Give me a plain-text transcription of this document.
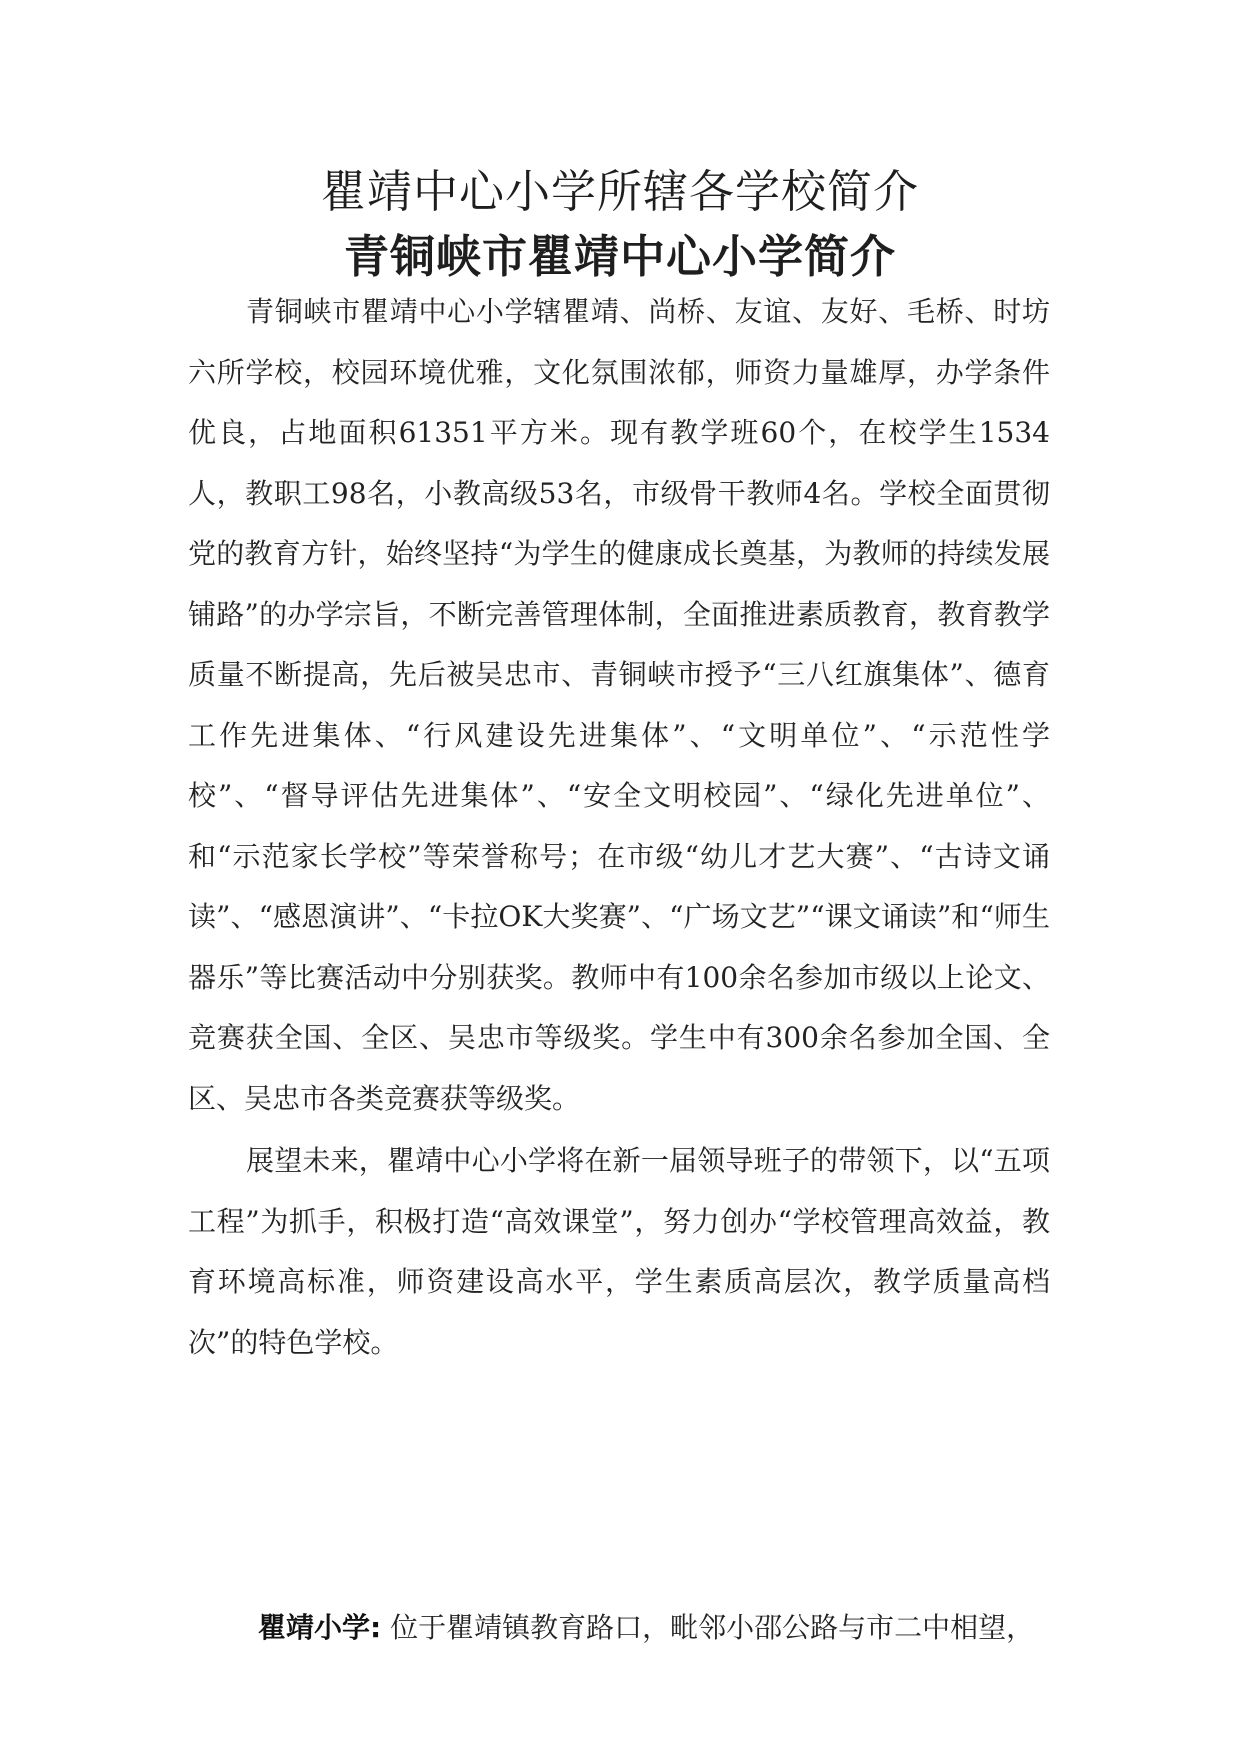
瞿靖中心小学所辖各学校简介
青铜峡市瞿靖中心小学简介

青铜峡市瞿靖中心小学辖瞿靖、尚桥、友谊、友好、毛桥、时坊六所学校，校园环境优雅，文化氛围浓郁，师资力量雄厚，办学条件优良，占地面积61351平方米。现有教学班60个，在校学生1534人，教职工98名，小教高级53名，市级骨干教师4名。学校全面贯彻党的教育方针，始终坚持“为学生的健康成长奠基，为教师的持续发展铺路”的办学宗旨，不断完善管理体制，全面推进素质教育，教育教学质量不断提高，先后被吴忠市、青铜峡市授予“三八红旗集体”、德育工作先进集体、“行风建设先进集体”、“文明单位”、“示范性学校”、“督导评估先进集体”、“安全文明校园”、“绿化先进单位”、和“示范家长学校”等荣誉称号；在市级“幼儿才艺大赛”、“古诗文诵读”、“感恩演讲”、“卡拉OK大奖赛”、“广场文艺”“课文诵读”和“师生器乐”等比赛活动中分别获奖。教师中有100余名参加市级以上论文、竞赛获全国、全区、吴忠市等级奖。学生中有300余名参加全国、全区、吴忠市各类竞赛获等级奖。

展望未来，瞿靖中心小学将在新一届领导班子的带领下，以“五项工程”为抓手，积极打造“高效课堂”，努力创办“学校管理高效益，教育环境高标准，师资建设高水平，学生素质高层次，教学质量高档次”的特色学校。

瞿靖小学: 位于瞿靖镇教育路口，毗邻小邵公路与市二中相望，
